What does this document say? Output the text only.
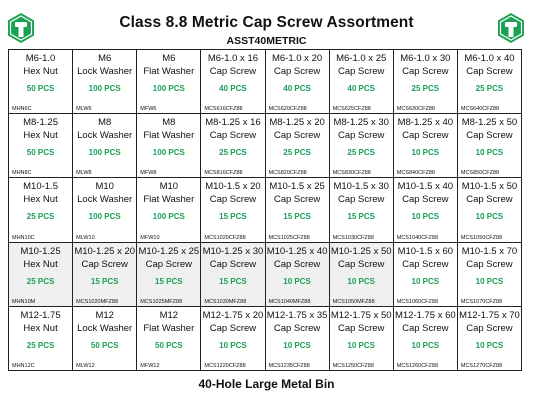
Class 8.8 Metric Cap Screw Assortment
ASST40METRIC
M6-1.0
Hex Nut
50 PCS
MHN6C
M6
Lock Washer
100 PCS
MLW6
M6
Flat Washer
100 PCS
MFW6
M6-1.0 x 16
Cap Screw
40 PCS
MCS616CFZ88
M6-1.0 x 20
Cap Screw
40 PCS
MCS620CFZ88
M6-1.0 x 25
Cap Screw
40 PCS
MCS625CFZ88
M6-1.0 x 30
Cap Screw
25 PCS
MCS630CFZ88
M6-1.0 x 40
Cap Screw
25 PCS
MCS640CFZ88
M8-1.25
Hex Nut
50 PCS
MHN8C
M8
Lock Washer
100 PCS
MLW8
M8
Flat Washer
100 PCS
MFW8
M8-1.25 x 16
Cap Screw
25 PCS
MCS816CFZ88
M8-1.25 x 20
Cap Screw
25 PCS
MCS820CFZ88
M8-1.25 x 30
Cap Screw
25 PCS
MCS830CFZ88
M8-1.25 x 40
Cap Screw
10 PCS
MCS840CFZ88
M8-1.25 x 50
Cap Screw
10 PCS
MCS850CFZ88
M10-1.5
Hex Nut
25 PCS
MHN10C
M10
Lock Washer
100 PCS
MLW10
M10
Flat Washer
100 PCS
MFW10
M10-1.5 x 20
Cap Screw
15 PCS
MCS1020CFZ88
M10-1.5 x 25
Cap Screw
15 PCS
MCS1025CFZ88
M10-1.5 x 30
Cap Screw
15 PCS
MCS1030CFZ88
M10-1.5 x 40
Cap Screw
10 PCS
MCS1040CFZ88
M10-1.5 x 50
Cap Screw
10 PCS
MCS1050CFZ88
M10-1.25
Hex Nut
25 PCS
MHN10M
M10-1.25 x 20
Cap Screw
15 PCS
MCS1020MFZ88
M10-1.25 x 25
Cap Screw
15 PCS
MCS1025MFZ88
M10-1.25 x 30
Cap Screw
15 PCS
MCS1030MFZ88
M10-1.25 x 40
Cap Screw
10 PCS
MCS1040MFZ88
M10-1.25 x 50
Cap Screw
10 PCS
MCS1050MFZ88
M10-1.5 x 60
Cap Screw
10 PCS
MCS1060CFZ88
M10-1.5 x 70
Cap Screw
10 PCS
MCS1070CFZ88
M12-1.75
Hex Nut
25 PCS
MHN12C
M12
Lock Washer
50 PCS
MLW12
M12
Flat Washer
50 PCS
MFW12
M12-1.75 x 20
Cap Screw
10 PCS
MCS1220CFZ88
M12-1.75 x 35
Cap Screw
10 PCS
MCS1235CFZ88
M12-1.75 x 50
Cap Screw
10 PCS
MCS1250CFZ88
M12-1.75 x 60
Cap Screw
10 PCS
MCS1260CFZ88
M12-1.75 x 70
Cap Screw
10 PCS
MCS1270CFZ88
40-Hole Large Metal Bin
